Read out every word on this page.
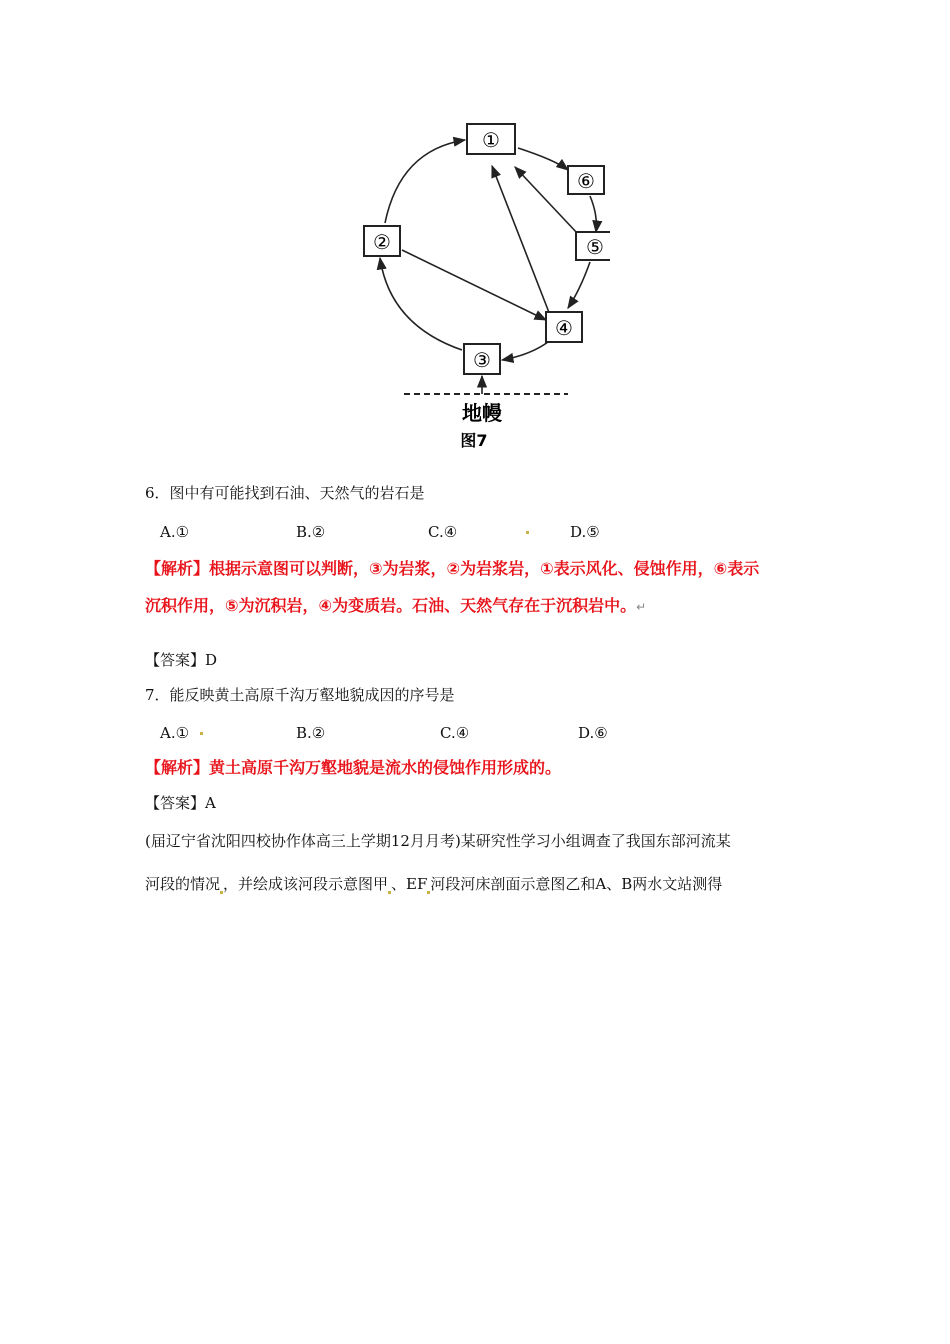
①
⑥
②	⑤
④
③
地幔
图7

6．图中有可能找到石油、天然气的岩石是

A.①	B.②	C.④	D.⑤

【解析】根据示意图可以判断，③为岩浆，②为岩浆岩，①表示风化、侵蚀作用，⑥表示

沉积作用，⑤为沉积岩，④为变质岩。石油、天然气存在于沉积岩中。↵

【答案】D

7．能反映黄土高原千沟万壑地貌成因的序号是

A.①	B.②	C.④	D.⑥

【解析】黄土高原千沟万壑地貌是流水的侵蚀作用形成的。

【答案】A

(届辽宁省沈阳四校协作体高三上学期12月月考)某研究性学习小组调查了我国东部河流某

河段的情况 ，并绘成该河段示意图甲 、EF 河段河床剖面示意图乙和A、B两水文站测得
